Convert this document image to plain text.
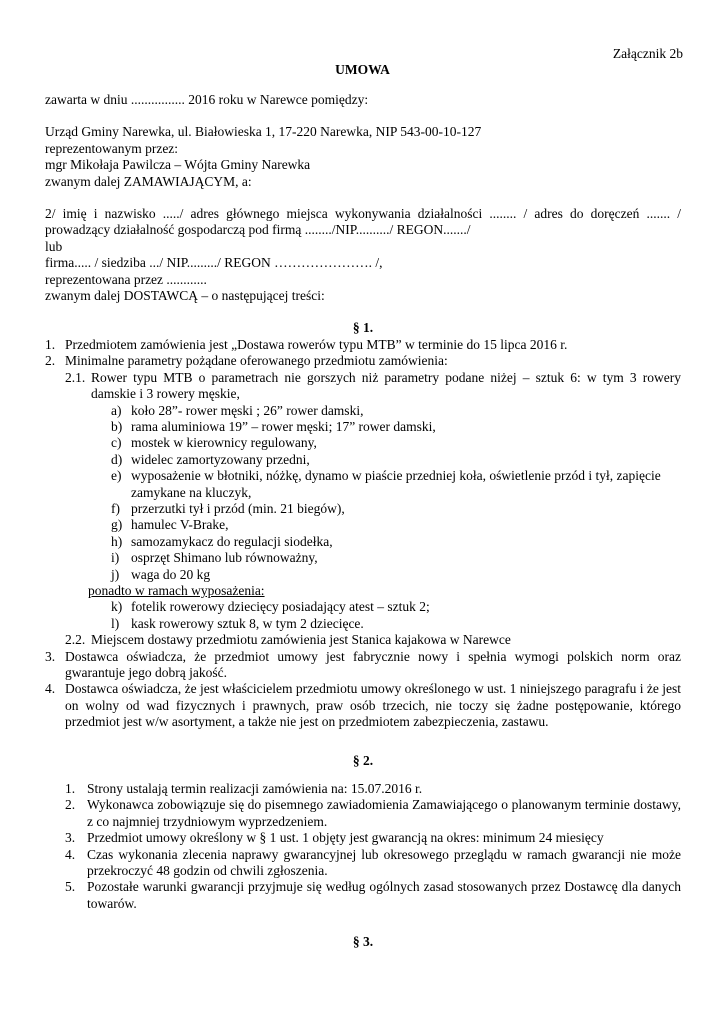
Załącznik 2b
UMOWA

zawarta w dniu ................ 2016 roku w Narewce pomiędzy:

Urząd Gminy Narewka, ul. Białowieska 1, 17-220 Narewka, NIP 543-00-10-127

reprezentowanym przez:

mgr Mikołaja Pawilcza – Wójta Gminy Narewka

zwanym dalej ZAMAWIAJĄCYM, a:

2/ imię i nazwisko ...../ adres głównego miejsca wykonywania działalności ........ / adres do doręczeń ....... / prowadzący działalność gospodarczą pod firmą ......../NIP........../ REGON......./

lub

firma..... / siedziba .../ NIP........./ REGON …………………. /,

reprezentowana przez ............

zwanym dalej DOSTAWCĄ – o następującej treści:

§ 1.

1. Przedmiotem zamówienia jest „Dostawa rowerów typu MTB” w terminie do 15 lipca 2016 r.
2. Minimalne parametry pożądane oferowanego przedmiotu zamówienia:
2.1. Rower typu MTB o parametrach nie gorszych niż parametry podane niżej – sztuk 6: w tym 3 rowery damskie i 3 rowery męskie,
a) koło 28”- rower męski ; 26” rower damski,
b) rama aluminiowa 19” – rower męski; 17” rower damski,
c) mostek w kierownicy regulowany,
d) widelec zamortyzowany przedni,
e) wyposażenie w błotniki, nóżkę, dynamo w piaście przedniej koła, oświetlenie przód i tył, zapięcie zamykane na kluczyk,
f) przerzutki tył i przód (min. 21 biegów),
g) hamulec V-Brake,
h) samozamykacz do regulacji siodełka,
i) osprzęt Shimano lub równoważny,
j) waga do 20 kg
ponadto w ramach wyposażenia:
k) fotelik rowerowy dziecięcy posiadający atest – sztuk 2;
l) kask rowerowy sztuk 8, w tym 2 dziecięce.
2.2. Miejscem dostawy przedmiotu zamówienia jest Stanica kajakowa w Narewce
3. Dostawca oświadcza, że przedmiot umowy jest fabrycznie nowy i spełnia wymogi polskich norm oraz gwarantuje jego dobrą jakość.
4. Dostawca oświadcza, że jest właścicielem przedmiotu umowy określonego w ust. 1 niniejszego paragrafu i że jest on wolny od wad fizycznych i prawnych, praw osób trzecich, nie toczy się żadne postępowanie, którego przedmiot jest w/w asortyment, a także nie jest on przedmiotem zabezpieczenia, zastawu.

§ 2.

1. Strony ustalają termin realizacji zamówienia na: 15.07.2016 r.
2. Wykonawca zobowiązuje się do pisemnego zawiadomienia Zamawiającego o planowanym terminie dostawy, z co najmniej trzydniowym wyprzedzeniem.
3. Przedmiot umowy określony w § 1 ust. 1 objęty jest gwarancją na okres: minimum 24 miesięcy
4. Czas wykonania zlecenia naprawy gwarancyjnej lub okresowego przeglądu w ramach gwarancji nie może przekroczyć 48 godzin od chwili zgłoszenia.
5. Pozostałe warunki gwarancji przyjmuje się według ogólnych zasad stosowanych przez Dostawcę dla danych towarów.

§ 3.
